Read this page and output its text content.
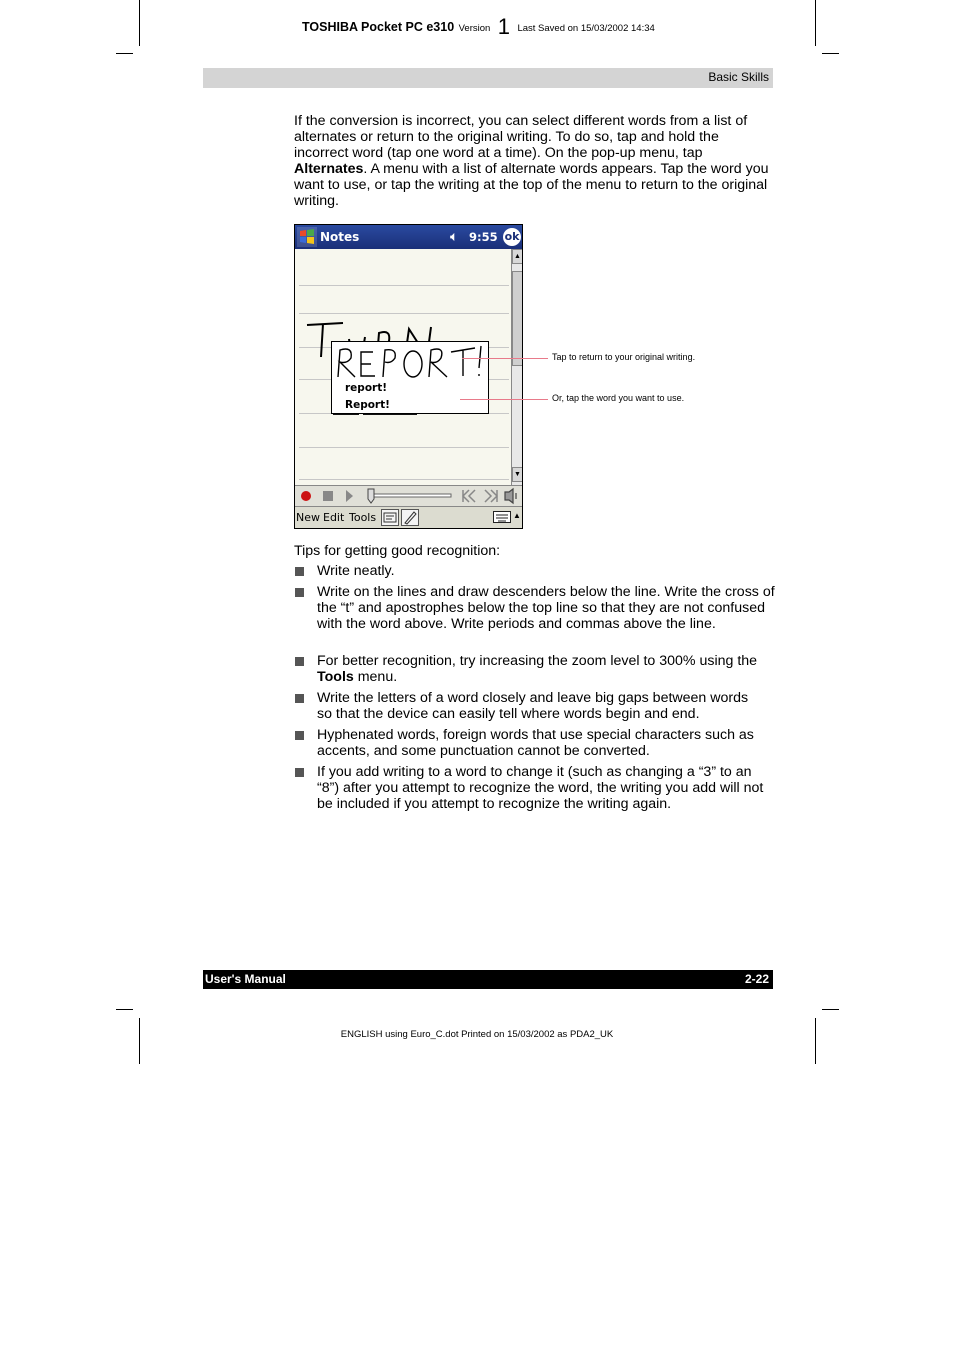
TOSHIBA Pocket PC e310 Version 1 Last Saved on 15/03/2002 14:34
Basic Skills
If the conversion is incorrect, you can select different words from a list of alternates or return to the original writing. To do so, tap and hold the incorrect word (tap one word at a time). On the pop-up menu, tap Alternates. A menu with a list of alternate words appears. Tap the word you want to use, or tap the writing at the top of the menu to return to the original writing.
Notes	🔈︎ 9:55 ok
▲
▼
report!
Report!
New Edit Tools	▲
Tap to return to your original writing.
Or, tap the word you want to use.
Tips for getting good recognition:
Write neatly.
Write on the lines and draw descenders below the line. Write the cross of the “t” and apostrophes below the top line so that they are not confused with the word above. Write periods and commas above the line.
For better recognition, try increasing the zoom level to 300% using the Tools menu.
Write the letters of a word closely and leave big gaps between words so that the device can easily tell where words begin and end.
Hyphenated words, foreign words that use special characters such as accents, and some punctuation cannot be converted.
If you add writing to a word to change it (such as changing a “3” to an “8”) after you attempt to recognize the word, the writing you add will not be included if you attempt to recognize the writing again.
User's Manual	2-22
ENGLISH using Euro_C.dot Printed on 15/03/2002 as PDA2_UK
